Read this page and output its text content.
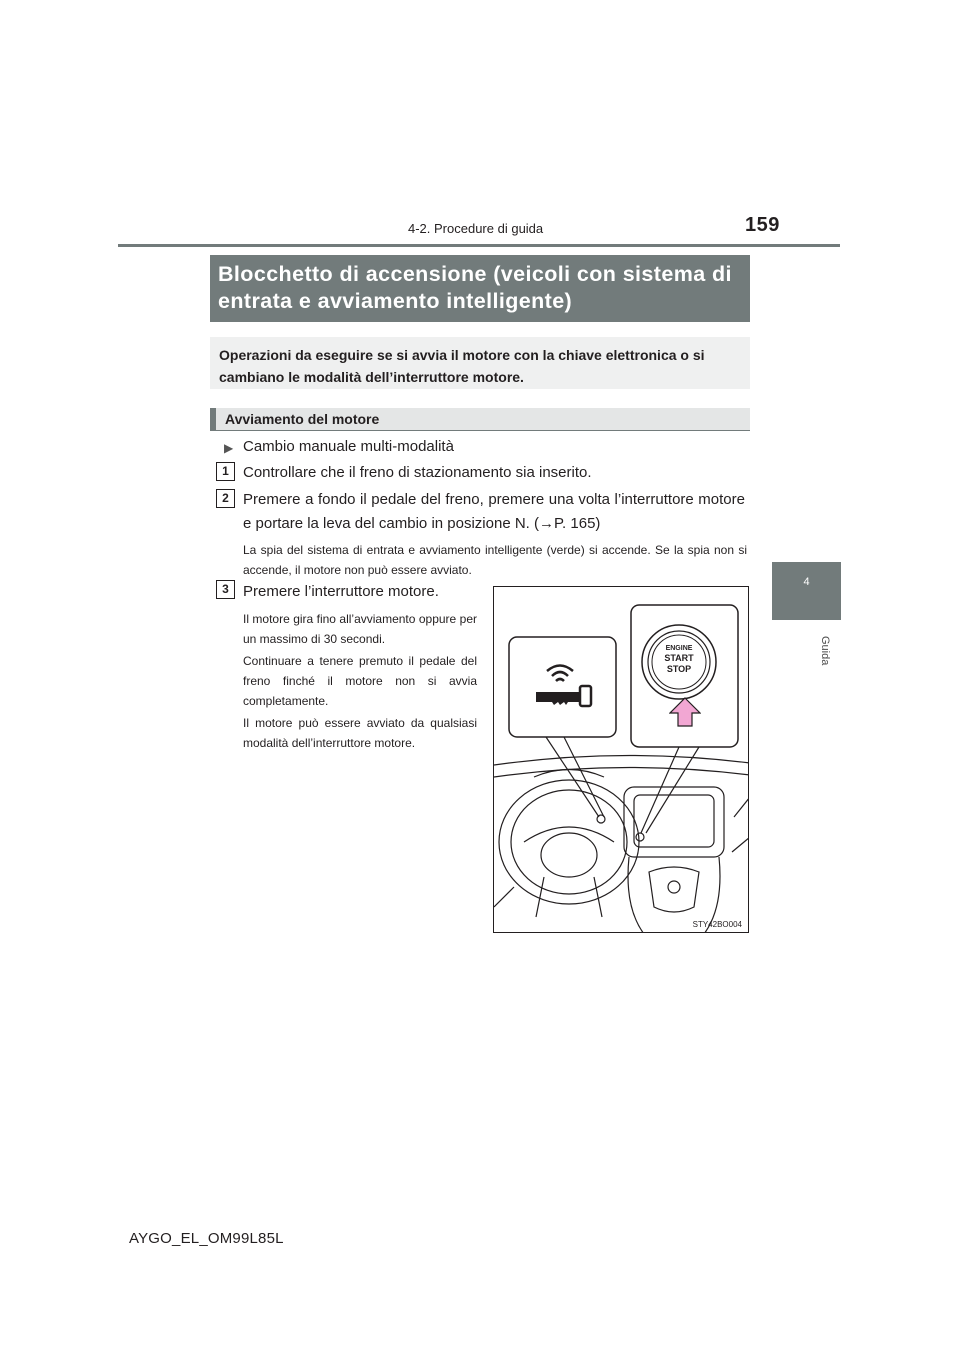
159
4-2. Procedure di guida
4
Guida
Blocchetto di accensione (veicoli con sistema di entrata e avviamento intelligente)
Operazioni da eseguire se si avvia il motore con la chiave elettronica o si cambiano le modalità dell’interruttore motore.
Avviamento del motore
▶ Cambio manuale multi-modalità
1 Controllare che il freno di stazionamento sia inserito.
2 Premere a fondo il pedale del freno, premere una volta l’interruttore motore e portare la leva del cambio in posizione N. (→P. 165)
La spia del sistema di entrata e avviamento intelligente (verde) si accende. Se la spia non si accende, il motore non può essere avviato.
3 Premere l’interruttore motore.
Il motore gira fino all’avviamento oppure per un massimo di 30 secondi.
Continuare a tenere premuto il pedale del freno finché il motore non si avvia completamente.
Il motore può essere avviato da qualsiasi modalità dell’interruttore motore.
ENGINE
START
STOP
STY42BO004
AYGO_EL_OM99L85L
